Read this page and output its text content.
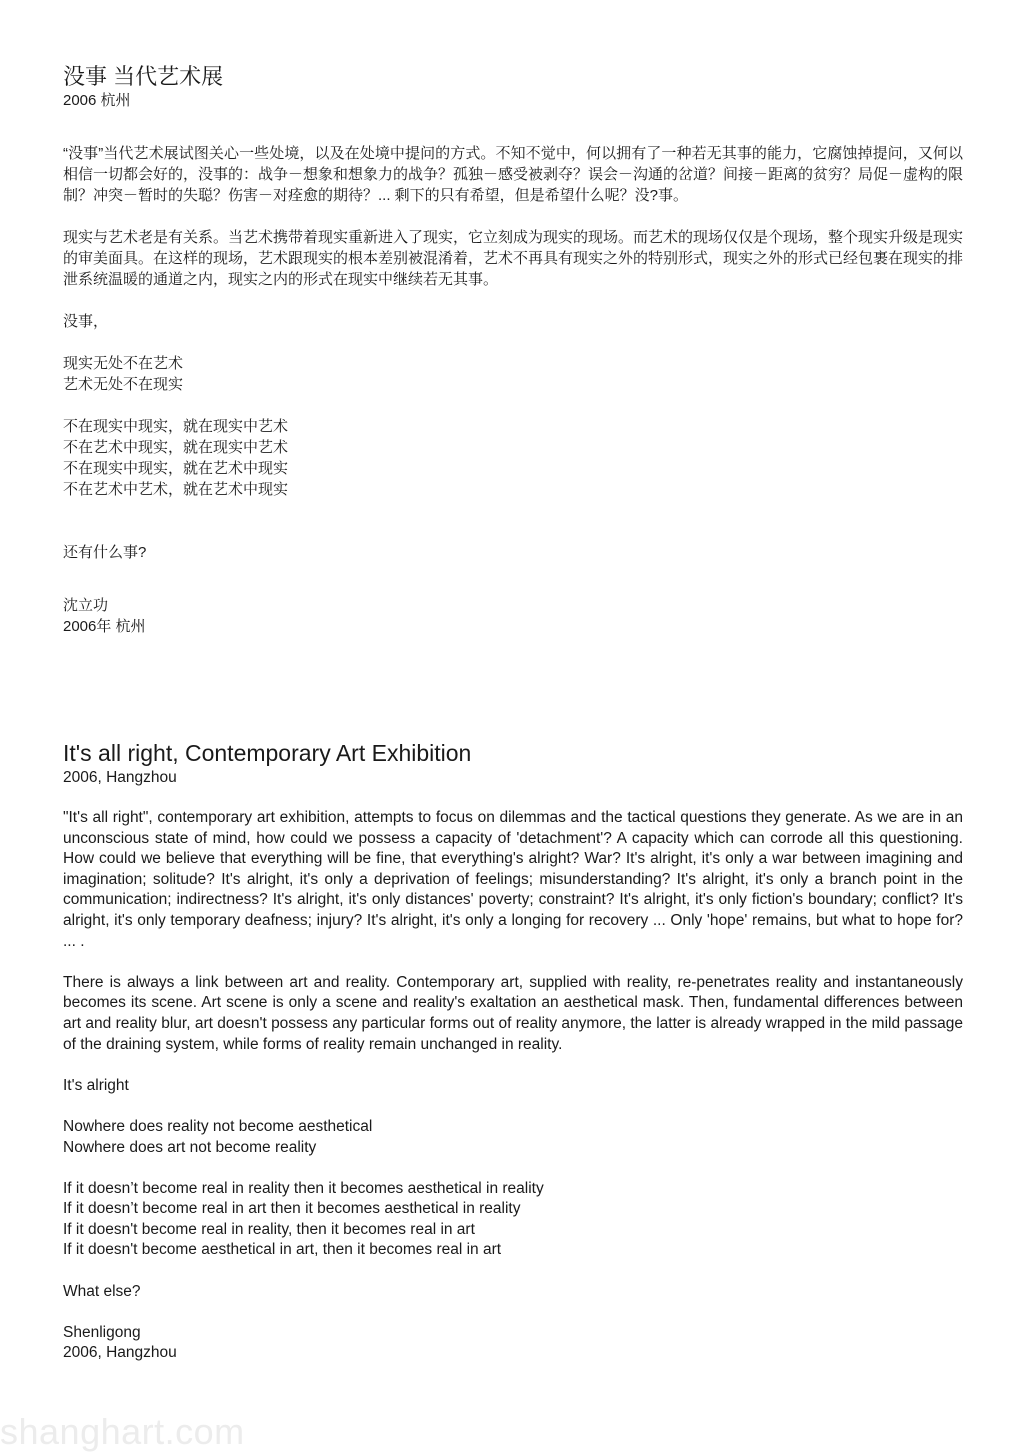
没事 当代艺术展

2006 杭州

“没事”当代艺术展试图关心一些处境，以及在处境中提问的方式。不知不觉中，何以拥有了一种若无其事的能力，它腐蚀掉提问，又何以相信一切都会好的，没事的：战争－想象和想象力的战争？孤独－感受被剥夺？误会－沟通的岔道？间接－距离的贫穷？局促－虚构的限制？冲突－暂时的失聪？伤害－对痊愈的期待？... 剩下的只有希望，但是希望什么呢？没?事。

现实与艺术老是有关系。当艺术携带着现实重新进入了现实，它立刻成为现实的现场。而艺术的现场仅仅是个现场，整个现实升级是现实的审美面具。在这样的现场，艺术跟现实的根本差别被混淆着，艺术不再具有现实之外的特别形式，现实之外的形式已经包裹在现实的排泄系统温暖的通道之内，现实之内的形式在现实中继续若无其事。

没事，

现实无处不在艺术

艺术无处不在现实

不在现实中现实，就在现实中艺术

不在艺术中现实，就在现实中艺术

不在现实中现实，就在艺术中现实

不在艺术中艺术，就在艺术中现实

还有什么事?

沈立功

2006年 杭州

It's all right, Contemporary Art Exhibition

2006, Hangzhou

"It's all right", contemporary art exhibition, attempts to focus on dilemmas and the tactical questions they generate. As we are in an unconscious state of mind, how could we possess a capacity of 'detachment'? A capacity which can corrode all this questioning. How could we believe that everything will be fine, that everything's alright? War? It's alright, it's only a war between imagining and imagination; solitude? It's alright, it's only a deprivation of feelings; misunderstanding? It's alright, it's only a branch point in the communication; indirectness? It's alright, it's only distances' poverty; constraint? It's alright, it's only fiction's boundary; conflict? It's alright, it's only temporary deafness; injury? It's alright, it's only a longing for recovery ... Only 'hope' remains, but what to hope for? ... .

There is always a link between art and reality. Contemporary art, supplied with reality, re-penetrates reality and instantaneously becomes its scene. Art scene is only a scene and reality's exaltation an aesthetical mask. Then, fundamental differences between art and reality blur, art doesn't possess any particular forms out of reality anymore, the latter is already wrapped in the mild passage of the draining system, while forms of reality remain unchanged in reality.

It's alright

Nowhere does reality not become aesthetical

Nowhere does art not become reality

If it doesn’t become real in reality then it becomes aesthetical in reality

If it doesn’t become real in art then it becomes aesthetical in reality

If it doesn't become real in reality, then it becomes real in art

If it doesn't become aesthetical in art, then it becomes real in art

What else?

Shenligong

2006, Hangzhou

shanghart.com
